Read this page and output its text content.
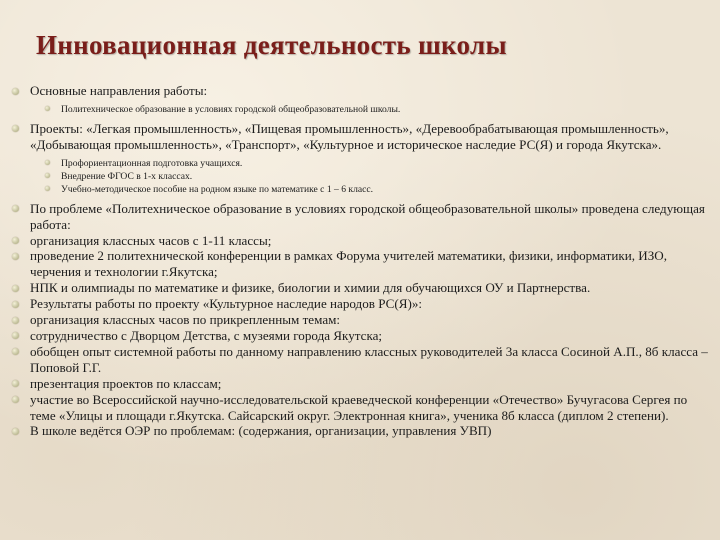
Инновационная деятельность школы
Основные направления работы:
Политехническое образование в условиях городской общеобразовательной школы.
Проекты: «Легкая промышленность», «Пищевая промышленность», «Деревообрабатывающая промышленность», «Добывающая промышленность», «Транспорт», «Культурное и историческое наследие РС(Я) и города Якутска».
Профориентационная подготовка учащихся.
Внедрение ФГОС в 1-х классах.
Учебно-методическое пособие на родном языке по математике с 1 – 6 класс.
По проблеме «Политехническое образование в условиях городской общеобразовательной школы» проведена следующая работа:
организация классных часов с 1-11 классы;
проведение 2 политехнической конференции в рамках Форума учителей математики, физики, информатики, ИЗО, черчения и технологии г.Якутска;
НПК и олимпиады по математике и физике, биологии и химии для обучающихся ОУ и Партнерства.
Результаты работы по проекту «Культурное наследие народов РС(Я)»:
организация классных часов по прикрепленным темам:
сотрудничество с Дворцом Детства, с музеями города Якутска;
обобщен опыт системной работы по данному направлению классных руководителей 3а класса Сосиной А.П., 8б класса – Поповой Г.Г.
презентация проектов по классам;
участие во Всероссийской научно-исследовательской краеведческой конференции «Отечество» Бучугасова Сергея по теме «Улицы и площади г.Якутска. Сайсарский округ. Электронная книга», ученика 8б класса (диплом 2 степени).
В школе ведётся ОЭР по проблемам: (содержания, организации, управления УВП)
